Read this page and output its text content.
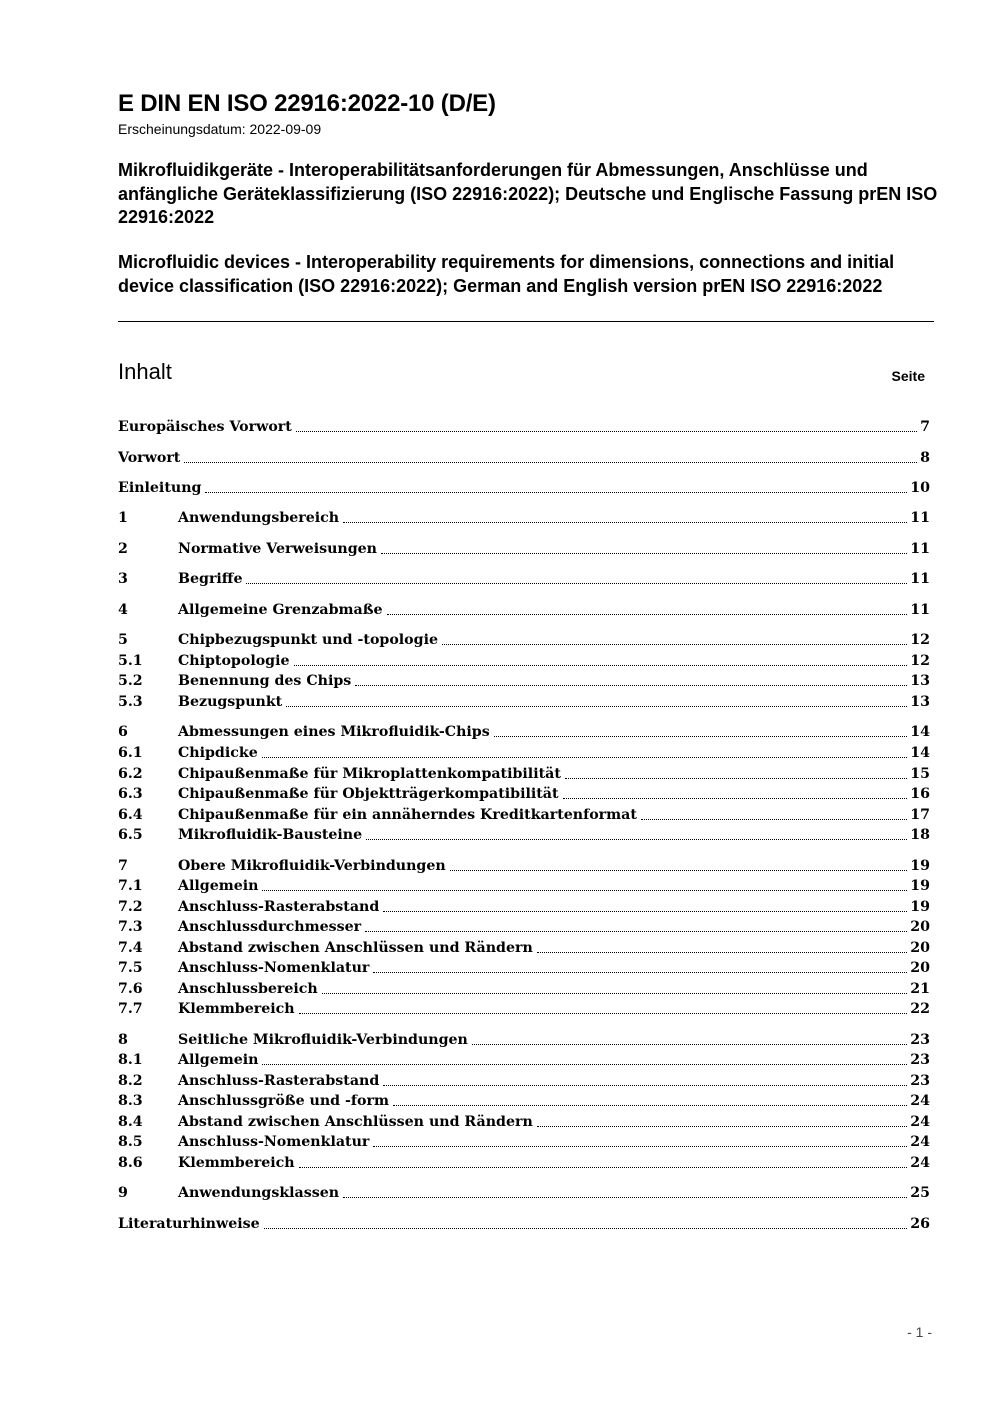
E DIN EN ISO 22916:2022-10 (D/E)

Erscheinungsdatum: 2022-09-09

Mikrofluidikgeräte - Interoperabilitätsanforderungen für Abmessungen, Anschlüsse und anfängliche Geräteklassifizierung (ISO 22916:2022); Deutsche und Englische Fassung prEN ISO 22916:2022

Microfluidic devices - Interoperability requirements for dimensions, connections and initial device classification (ISO 22916:2022); German and English version prEN ISO 22916:2022

Inhalt	Seite
Europäisches Vorwort	7
Vorwort	8
Einleitung	10
1	Anwendungsbereich	11
2	Normative Verweisungen	11
3	Begriffe	11
4	Allgemeine Grenzabmaße	11
5	Chipbezugspunkt und -topologie	12
5.1	Chiptopologie	12
5.2	Benennung des Chips	13
5.3	Bezugspunkt	13
6	Abmessungen eines Mikrofluidik-Chips	14
6.1	Chipdicke	14
6.2	Chipaußenmaße für Mikroplattenkompatibilität	15
6.3	Chipaußenmaße für Objektträgerkompatibilität	16
6.4	Chipaußenmaße für ein annäherndes Kreditkartenformat	17
6.5	Mikrofluidik-Bausteine	18
7	Obere Mikrofluidik-Verbindungen	19
7.1	Allgemein	19
7.2	Anschluss-Rasterabstand	19
7.3	Anschlussdurchmesser	20
7.4	Abstand zwischen Anschlüssen und Rändern	20
7.5	Anschluss-Nomenklatur	20
7.6	Anschlussbereich	21
7.7	Klemmbereich	22
8	Seitliche Mikrofluidik-Verbindungen	23
8.1	Allgemein	23
8.2	Anschluss-Rasterabstand	23
8.3	Anschlussgröße und -form	24
8.4	Abstand zwischen Anschlüssen und Rändern	24
8.5	Anschluss-Nomenklatur	24
8.6	Klemmbereich	24
9	Anwendungsklassen	25
Literaturhinweise	26
- 1 -
